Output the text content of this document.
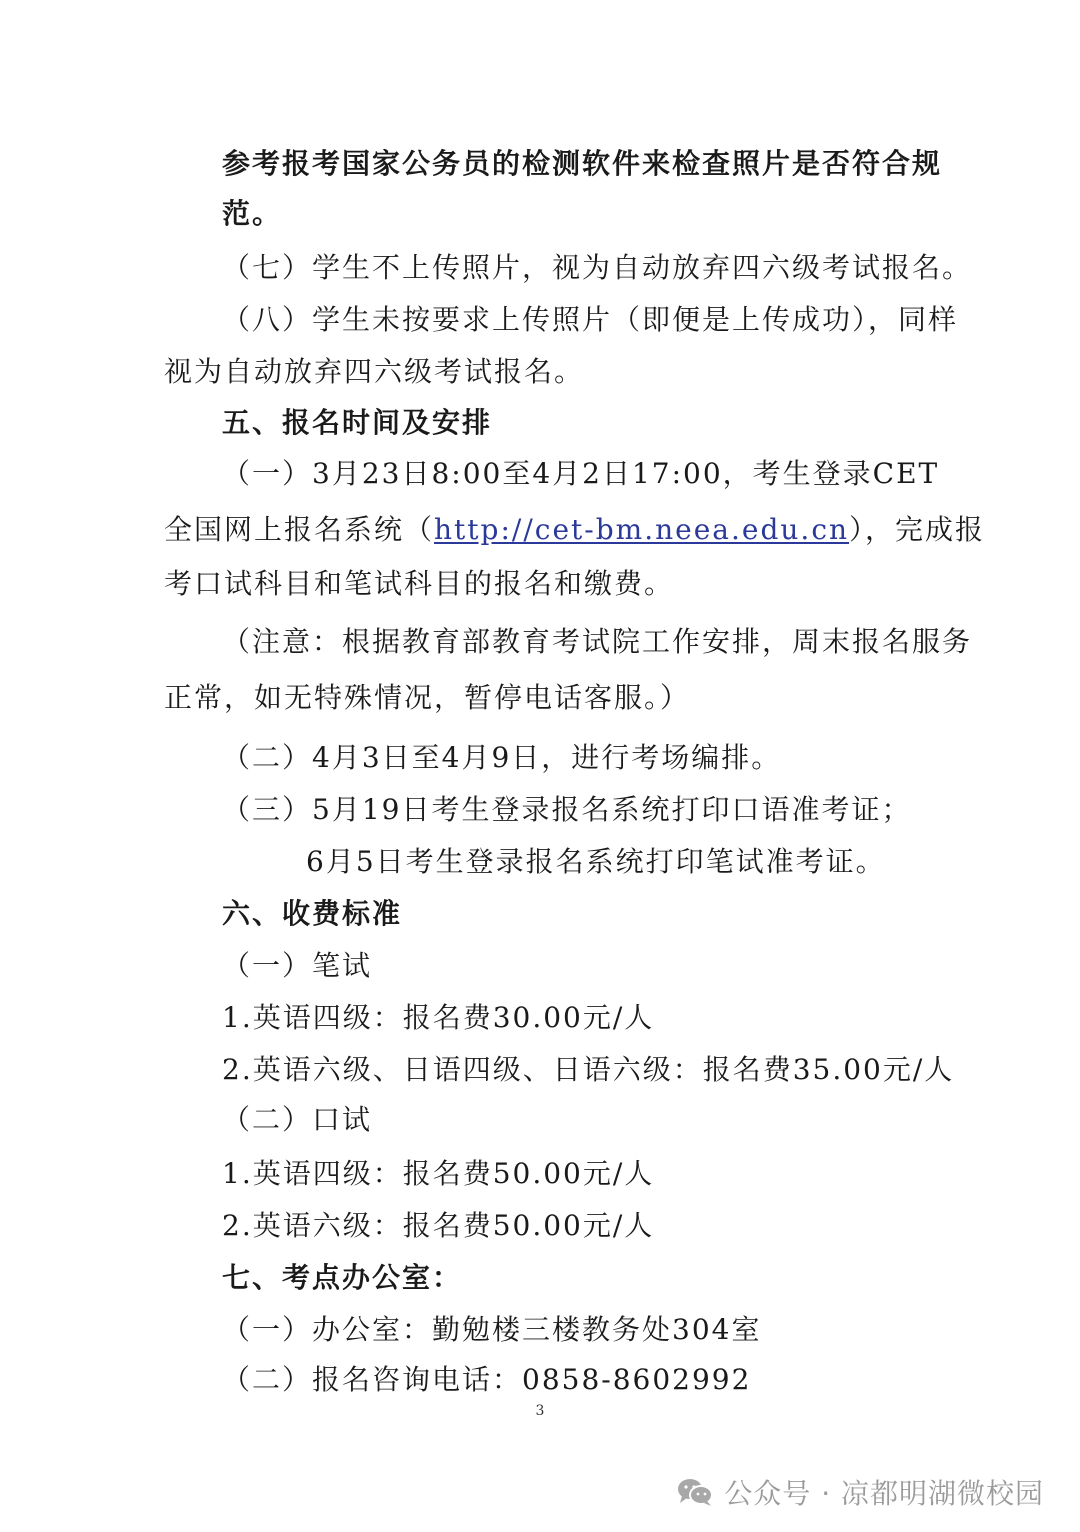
参考报考国家公务员的检测软件来检查照片是否符合规
范。
（七）学生不上传照片，视为自动放弃四六级考试报名。
（八）学生未按要求上传照片（即便是上传成功），同样
视为自动放弃四六级考试报名。
五、报名时间及安排
（一）3月23日8:00至4月2日17:00，考生登录CET
全国网上报名系统（http://cet-bm.neea.edu.cn），完成报
考口试科目和笔试科目的报名和缴费。
（注意：根据教育部教育考试院工作安排，周末报名服务
正常，如无特殊情况，暂停电话客服。）
（二）4月3日至4月9日，进行考场编排。
（三）5月19日考生登录报名系统打印口语准考证；
6月5日考生登录报名系统打印笔试准考证。
六、收费标准
（一）笔试
1.英语四级：报名费30.00元/人
2.英语六级、日语四级、日语六级：报名费35.00元/人
（二）口试
1.英语四级：报名费50.00元/人
2.英语六级：报名费50.00元/人
七、考点办公室：
（一）办公室：勤勉楼三楼教务处304室
（二）报名咨询电话：0858-8602992
3
公众号 · 凉都明湖微校园
